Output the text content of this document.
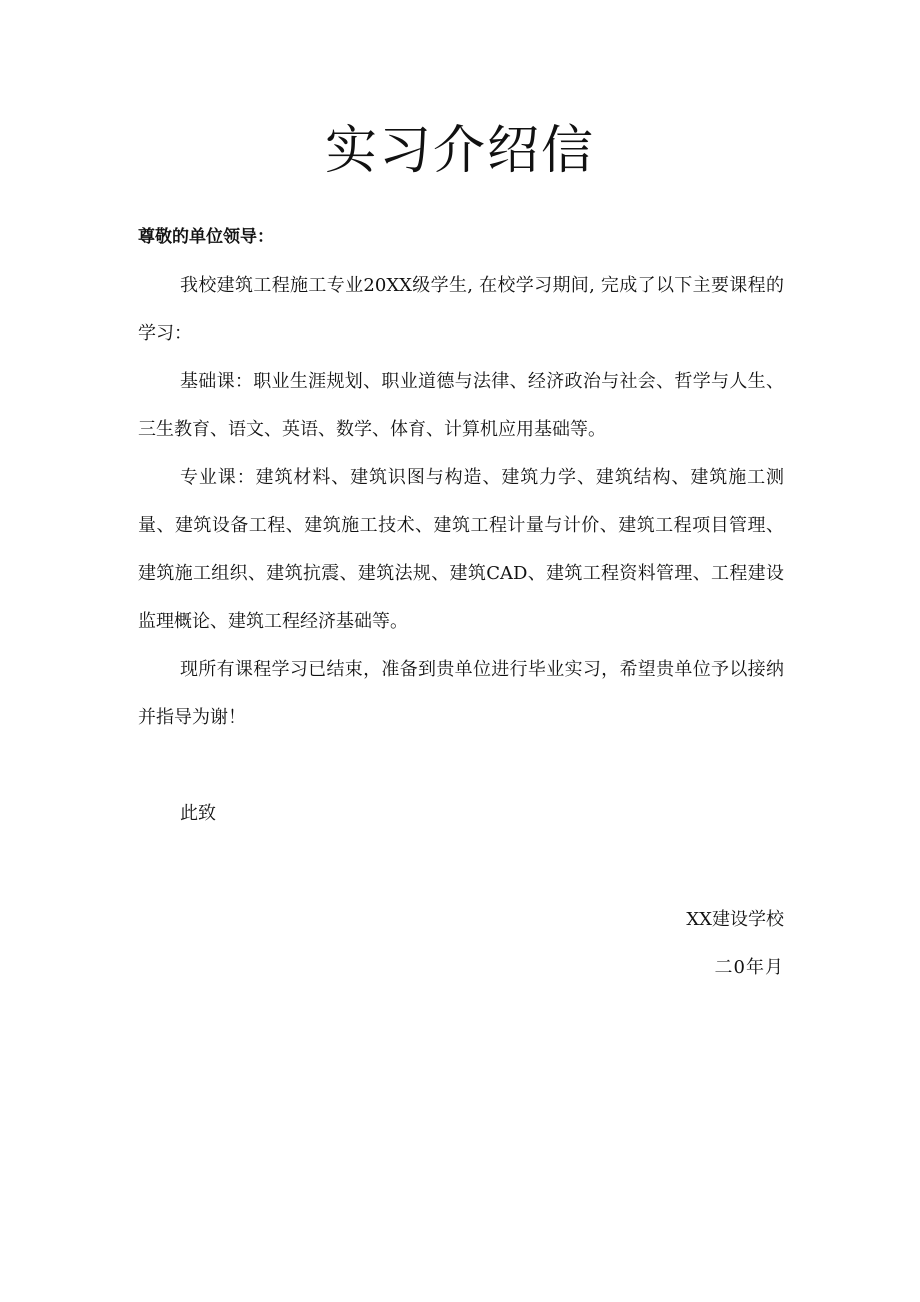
实习介绍信

尊敬的单位领导：

我校建筑工程施工专业20XX级学生, 在校学习期间, 完成了以下主要课程的学习：

基础课：职业生涯规划、职业道德与法律、经济政治与社会、哲学与人生、三生教育、语文、英语、数学、体育、计算机应用基础等。

专业课：建筑材料、建筑识图与构造、建筑力学、建筑结构、建筑施工测量、建筑设备工程、建筑施工技术、建筑工程计量与计价、建筑工程项目管理、建筑施工组织、建筑抗震、建筑法规、建筑CAD、建筑工程资料管理、工程建设监理概论、建筑工程经济基础等。

现所有课程学习已结束，准备到贵单位进行毕业实习，希望贵单位予以接纳并指导为谢！

此致

XX建设学校

二0年月
